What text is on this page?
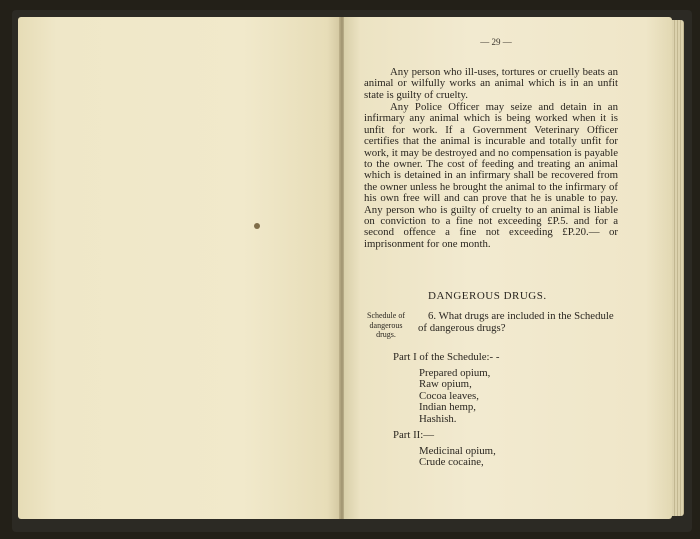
— 29 —
Any person who ill-uses, tortures or cruelly beats an animal or wilfully works an animal which is in an unfit state is guilty of cruelty.
Any Police Officer may seize and detain in an infirmary any animal which is being worked when it is unfit for work. If a Government Veterinary Officer certifies that the animal is incurable and totally unfit for work, it may be destroyed and no compensation is payable to the owner. The cost of feeding and treating an animal which is detained in an infirmary shall be recovered from the owner unless he brought the animal to the infirmary of his own free will and can prove that he is unable to pay. Any person who is guilty of cruelty to an animal is liable on conviction to a fine not exceeding £P.5. and for a second offence a fine not exceeding £P.20.— or imprisonment for one month.
DANGEROUS DRUGS.
Schedule of dangerous drugs.
6. What drugs are included in the Schedule of dangerous drugs?
Part I of the Schedule:- -
Prepared opium,
Raw opium,
Cocoa leaves,
Indian hemp,
Hashish.
Part II:—
Medicinal opium,
Crude cocaine,
